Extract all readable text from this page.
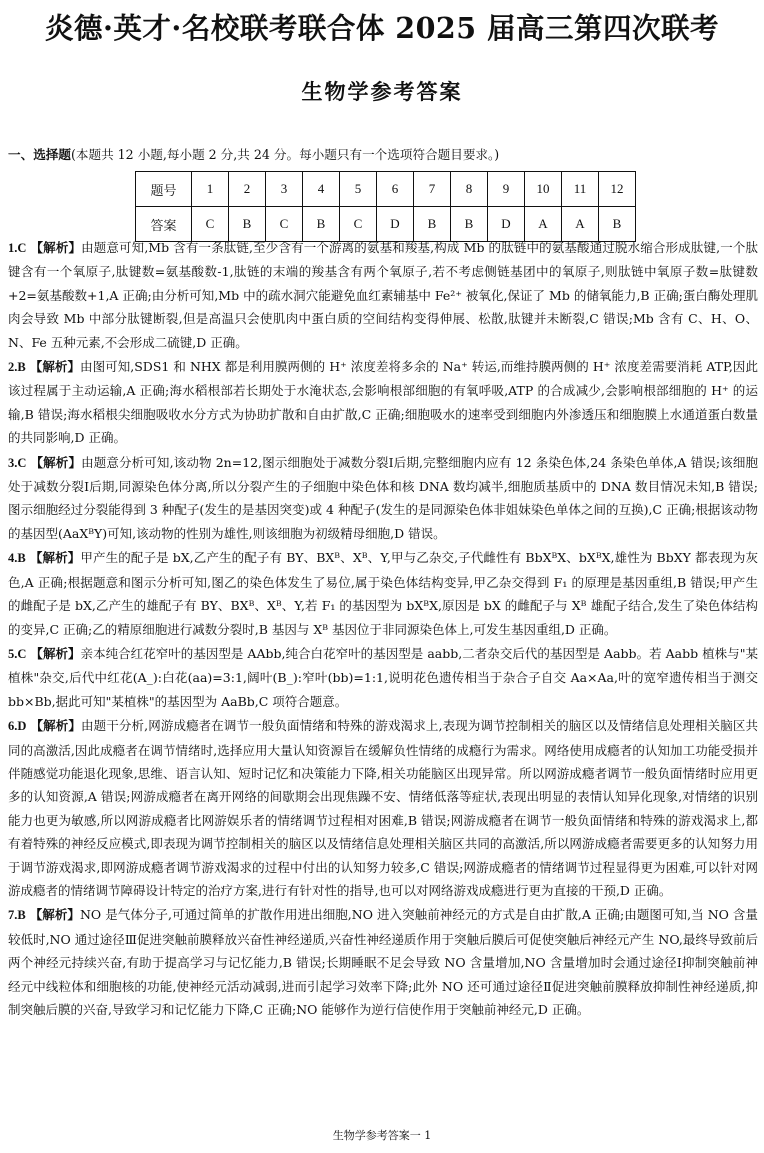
炎德·英才·名校联考联合体 2025 届高三第四次联考
生物学参考答案
一、选择题(本题共 12 小题,每小题 2 分,共 24 分。每小题只有一个选项符合题目要求。)
题号	1	2	3	4	5	6	7	8	9	10	11	12
答案	C	B	C	B	C	D	B	B	D	A	A	B

1.C 【解析】由题意可知,Mb 含有一条肽链,至少含有一个游离的氨基和羧基,构成 Mb 的肽链中的氨基酸通过脱水缩合形成肽键,一个肽键含有一个氧原子,肽键数=氨基酸数-1,肽链的末端的羧基含有两个氧原子,若不考虑侧链基团中的氧原子,则肽链中氧原子数=肽键数+2=氨基酸数+1,A 正确;由分析可知,Mb 中的疏水洞穴能避免血红素辅基中 Fe²⁺ 被氧化,保证了 Mb 的储氧能力,B 正确;蛋白酶处理肌肉会导致 Mb 中部分肽键断裂,但是高温只会使肌肉中蛋白质的空间结构变得伸展、松散,肽键并未断裂,C 错误;Mb 含有 C、H、O、N、Fe 五种元素,不会形成二硫键,D 正确。

2.B 【解析】由图可知,SDS1 和 NHX 都是利用膜两侧的 H⁺ 浓度差将多余的 Na⁺ 转运,而维持膜两侧的 H⁺ 浓度差需要消耗 ATP,因此该过程属于主动运输,A 正确;海水稻根部若长期处于水淹状态,会影响根部细胞的有氧呼吸,ATP 的合成减少,会影响根部细胞的 H⁺ 的运输,B 错误;海水稻根尖细胞吸收水分方式为协助扩散和自由扩散,C 正确;细胞吸水的速率受到细胞内外渗透压和细胞膜上水通道蛋白数量的共同影响,D 正确。

3.C 【解析】由题意分析可知,该动物 2n=12,图示细胞处于减数分裂Ⅰ后期,完整细胞内应有 12 条染色体,24 条染色单体,A 错误;该细胞处于减数分裂Ⅰ后期,同源染色体分离,所以分裂产生的子细胞中染色体和核 DNA 数均减半,细胞质基质中的 DNA 数目情况未知,B 错误;图示细胞经过分裂能得到 3 种配子(发生的是基因突变)或 4 种配子(发生的是同源染色体非姐妹染色单体之间的互换),C 正确;根据该动物的基因型(AaXᴮY)可知,该动物的性别为雄性,则该细胞为初级精母细胞,D 错误。

4.B 【解析】甲产生的配子是 bX,乙产生的配子有 BY、BXᴮ、Xᴮ、Y,甲与乙杂交,子代雌性有 BbXᴮX、bXᴮX,雄性为 BbXY 都表现为灰色,A 正确;根据题意和图示分析可知,图乙的染色体发生了易位,属于染色体结构变异,甲乙杂交得到 F₁ 的原理是基因重组,B 错误;甲产生的雌配子是 bX,乙产生的雄配子有 BY、BXᴮ、Xᴮ、Y,若 F₁ 的基因型为 bXᴮX,原因是 bX 的雌配子与 Xᴮ 雄配子结合,发生了染色体结构的变异,C 正确;乙的精原细胞进行减数分裂时,B 基因与 Xᴮ 基因位于非同源染色体上,可发生基因重组,D 正确。

5.C 【解析】亲本纯合红花窄叶的基因型是 AAbb,纯合白花窄叶的基因型是 aabb,二者杂交后代的基因型是 Aabb。若 Aabb 植株与"某植株"杂交,后代中红花(A_):白花(aa)=3:1,阔叶(B_):窄叶(bb)=1:1,说明花色遗传相当于杂合子自交 Aa×Aa,叶的宽窄遗传相当于测交 bb×Bb,据此可知"某植株"的基因型为 AaBb,C 项符合题意。

6.D 【解析】由题干分析,网游成瘾者在调节一般负面情绪和特殊的游戏渴求上,表现为调节控制相关的脑区以及情绪信息处理相关脑区共同的高激活,因此成瘾者在调节情绪时,选择应用大量认知资源旨在缓解负性情绪的成瘾行为需求。网络使用成瘾者的认知加工功能受损并伴随感觉功能退化现象,思维、语言认知、短时记忆和决策能力下降,相关功能脑区出现异常。所以网游成瘾者调节一般负面情绪时应用更多的认知资源,A 错误;网游成瘾者在离开网络的间歇期会出现焦躁不安、情绪低落等症状,表现出明显的表情认知异化现象,对情绪的识别能力也更为敏感,所以网游成瘾者比网游娱乐者的情绪调节过程相对困难,B 错误;网游成瘾者在调节一般负面情绪和特殊的游戏渴求上,都有着特殊的神经反应模式,即表现为调节控制相关的脑区以及情绪信息处理相关脑区共同的高激活,所以网游成瘾者需要更多的认知努力用于调节游戏渴求,即网游成瘾者调节游戏渴求的过程中付出的认知努力较多,C 错误;网游成瘾者的情绪调节过程显得更为困难,可以针对网游成瘾者的情绪调节障碍设计特定的治疗方案,进行有针对性的指导,也可以对网络游戏成瘾进行更为直接的干预,D 正确。

7.B 【解析】NO 是气体分子,可通过简单的扩散作用进出细胞,NO 进入突触前神经元的方式是自由扩散,A 正确;由题图可知,当 NO 含量较低时,NO 通过途径Ⅲ促进突触前膜释放兴奋性神经递质,兴奋性神经递质作用于突触后膜后可促使突触后神经元产生 NO,最终导致前后两个神经元持续兴奋,有助于提高学习与记忆能力,B 错误;长期睡眠不足会导致 NO 含量增加,NO 含量增加时会通过途径Ⅰ抑制突触前神经元中线粒体和细胞核的功能,使神经元活动减弱,进而引起学习效率下降;此外 NO 还可通过途径Ⅱ促进突触前膜释放抑制性神经递质,抑制突触后膜的兴奋,导致学习和记忆能力下降,C 正确;NO 能够作为逆行信使作用于突触前神经元,D 正确。

生物学参考答案一 1
